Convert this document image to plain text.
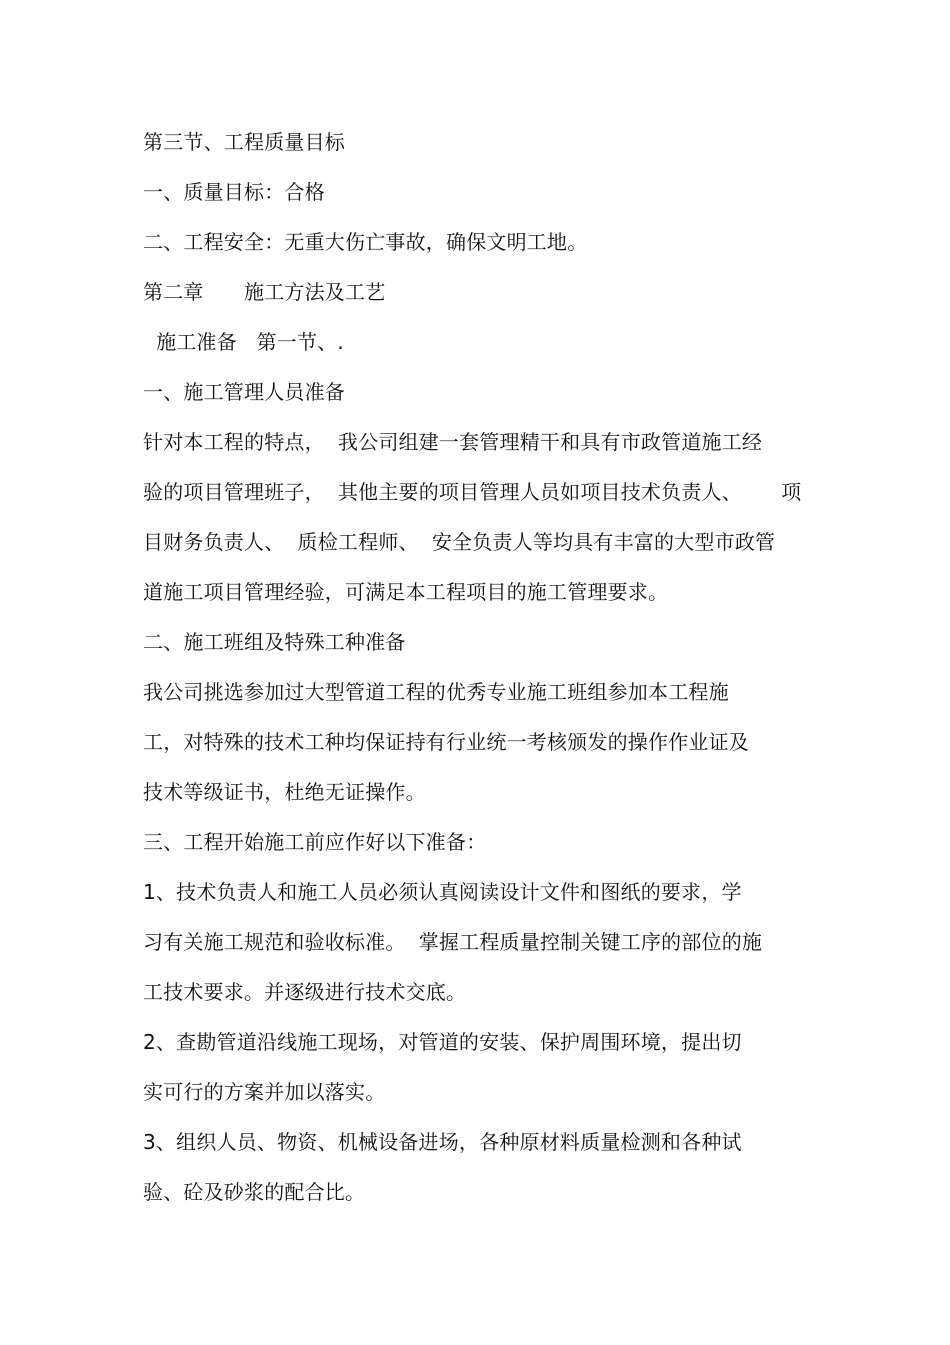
第三节、工程质量目标
一、质量目标：合格
二、工程安全：无重大伤亡事故，确保文明工地。
第二章　　施工方法及工艺
施工准备   第一节、.
一、施工管理人员准备
针对本工程的特点，  我公司组建一套管理精干和具有市政管道施工经
验的项目管理班子，  其他主要的项目管理人员如项目技术负责人、      项
目财务负责人、  质检工程师、  安全负责人等均具有丰富的大型市政管
道施工项目管理经验，可满足本工程项目的施工管理要求。
二、施工班组及特殊工种准备
我公司挑选参加过大型管道工程的优秀专业施工班组参加本工程施
工，对特殊的技术工种均保证持有行业统一考核颁发的操作作业证及
技术等级证书，杜绝无证操作。
三、工程开始施工前应作好以下准备：
1、技术负责人和施工人员必须认真阅读设计文件和图纸的要求，学
习有关施工规范和验收标准。  掌握工程质量控制关键工序的部位的施
工技术要求。并逐级进行技术交底。
2、查勘管道沿线施工现场，对管道的安装、保护周围环境，提出切
实可行的方案并加以落实。
3、组织人员、物资、机械设备进场，各种原材料质量检测和各种试
验、砼及砂浆的配合比。
